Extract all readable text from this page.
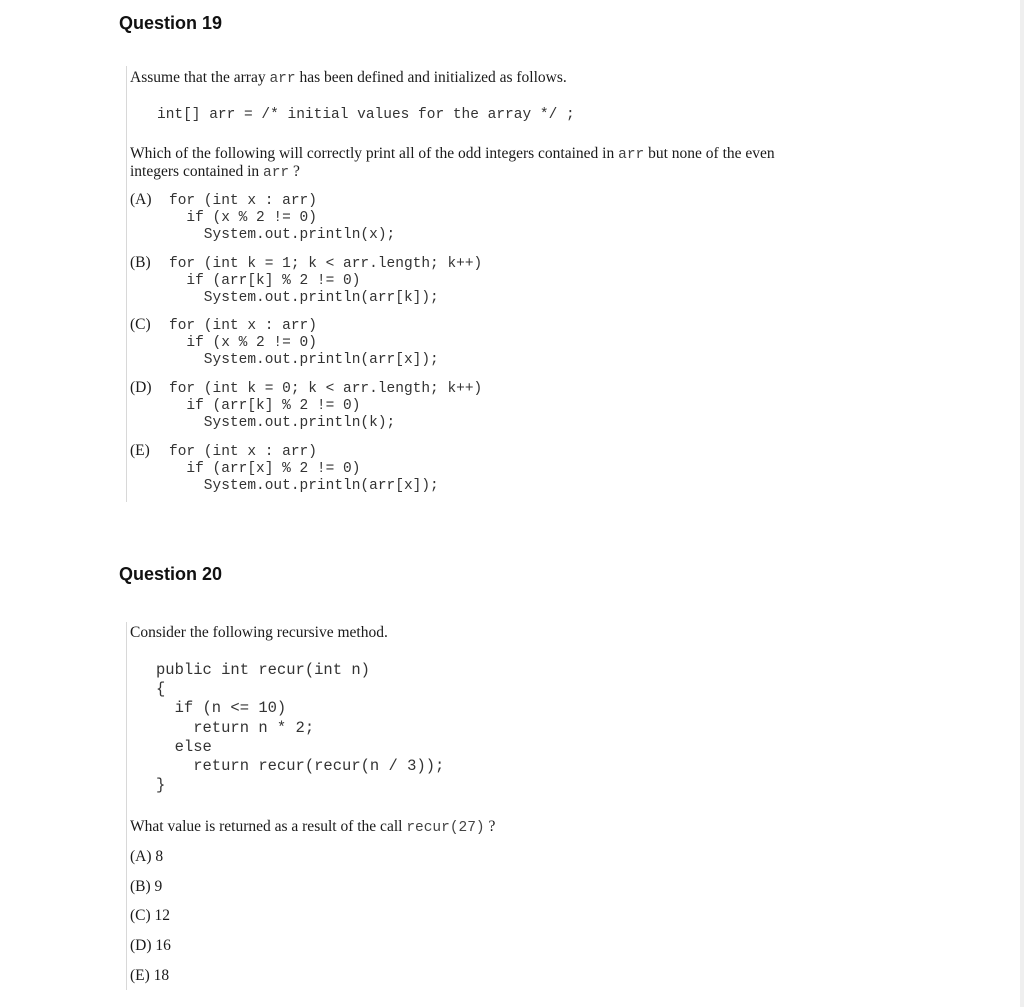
Question 19
Assume that the array arr has been defined and initialized as follows.
int[] arr = /* initial values for the array */ ;
Which of the following will correctly print all of the odd integers contained in arr but none of the even
integers contained in arr ?
(A) for (int x : arr)
if (x % 2 != 0)
System.out.println(x);
(B) for (int k = 1; k < arr.length; k++)
if (arr[k] % 2 != 0)
System.out.println(arr[k]);
(C) for (int x : arr)
if (x % 2 != 0)
System.out.println(arr[x]);
(D) for (int k = 0; k < arr.length; k++)
if (arr[k] % 2 != 0)
System.out.println(k);
(E) for (int x : arr)
if (arr[x] % 2 != 0)
System.out.println(arr[x]);
Question 20
Consider the following recursive method.
public int recur(int n)
{
if (n <= 10)
return n * 2;
else
return recur(recur(n / 3));
}
What value is returned as a result of the call recur(27) ?
(A) 8
(B) 9
(C) 12
(D) 16
(E) 18
